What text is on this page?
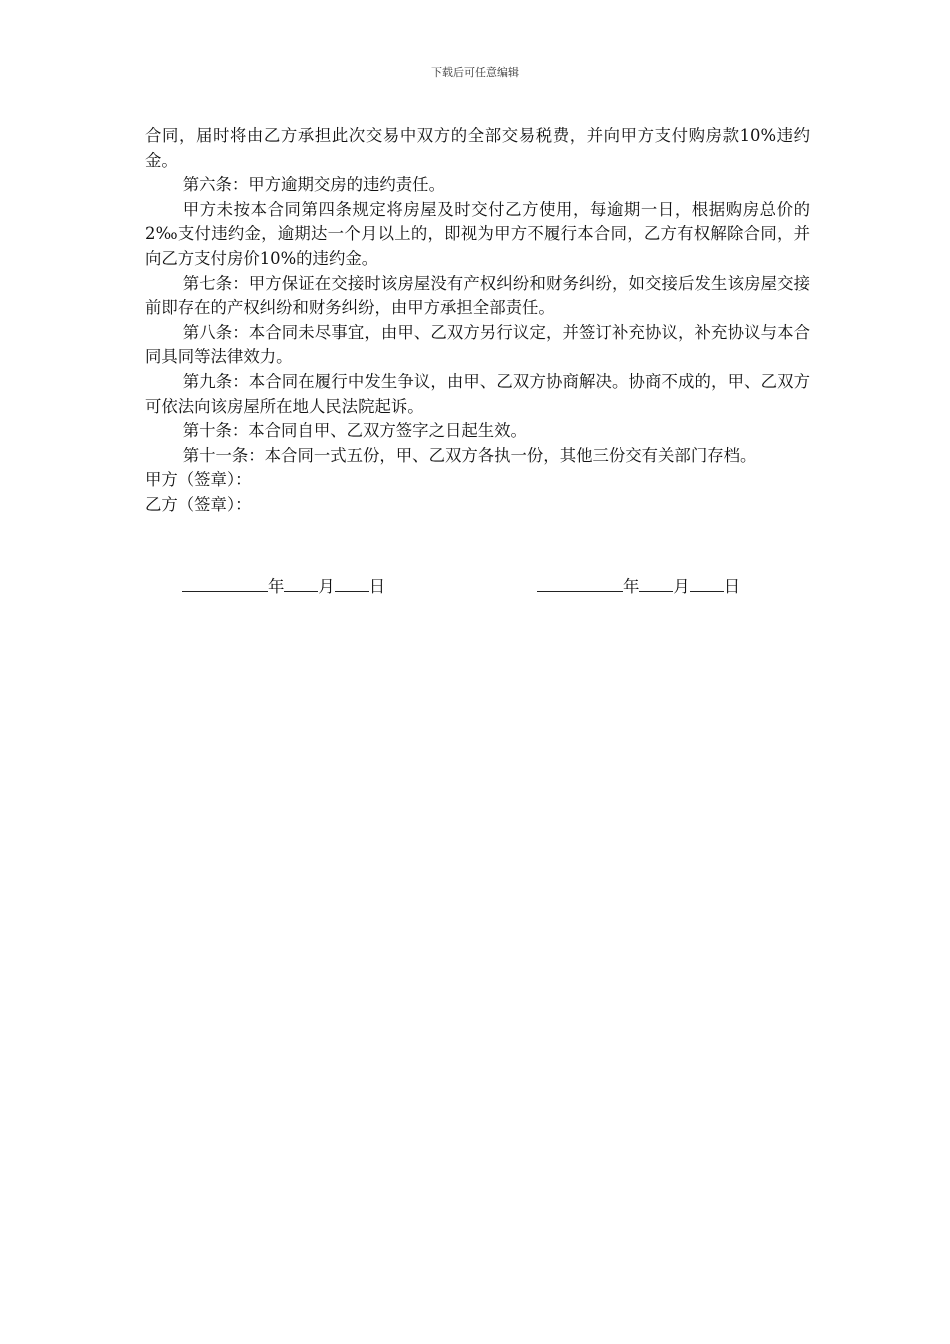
下载后可任意编辑

合同，届时将由乙方承担此次交易中双方的全部交易税费，并向甲方支付购房款10%违约金。

第六条：甲方逾期交房的违约责任。

甲方未按本合同第四条规定将房屋及时交付乙方使用，每逾期一日，根据购房总价的2‰支付违约金，逾期达一个月以上的，即视为甲方不履行本合同，乙方有权解除合同，并向乙方支付房价10%的违约金。

第七条：甲方保证在交接时该房屋没有产权纠纷和财务纠纷，如交接后发生该房屋交接前即存在的产权纠纷和财务纠纷，由甲方承担全部责任。

第八条：本合同未尽事宜，由甲、乙双方另行议定，并签订补充协议，补充协议与本合同具同等法律效力。

第九条：本合同在履行中发生争议，由甲、乙双方协商解决。协商不成的，甲、乙双方可依法向该房屋所在地人民法院起诉。

第十条：本合同自甲、乙双方签字之日起生效。

第十一条：本合同一式五份，甲、乙双方各执一份，其他三份交有关部门存档。

甲方（签章）：

乙方（签章）：

年 月 日	年 月 日
